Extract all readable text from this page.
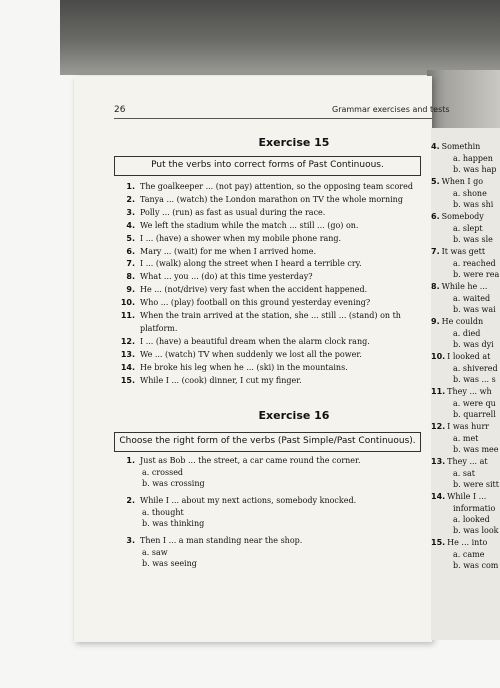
26	Grammar exercises and tests
Exercise 15
Put the verbs into correct forms of Past Continuous.
1. The goalkeeper ... (not pay) attention, so the opposing team scored
2. Tanya ... (watch) the London marathon on TV the whole morning
3. Polly ... (run) as fast as usual during the race.
4. We left the stadium while the match ... still ... (go) on.
5. I ... (have) a shower when my mobile phone rang.
6. Mary ... (wait) for me when I arrived home.
7. I ... (walk) along the street when I heard a terrible cry.
8. What ... you ... (do) at this time yesterday?
9. He ... (not/drive) very fast when the accident happened.
10. Who ... (play) football on this ground yesterday evening?
11. When the train arrived at the station, she ... still ... (stand) on th
platform.
12. I ... (have) a beautiful dream when the alarm clock rang.
13. We ... (watch) TV when suddenly we lost all the power.
14. He broke his leg when he ... (ski) in the mountains.
15. While I ... (cook) dinner, I cut my finger.
Exercise 16
Choose the right form of the verbs (Past Simple/Past Continuous).
1. Just as Bob ... the street, a car came round the corner.
a. crossed
b. was crossing
2. While I ... about my next actions, somebody knocked.
a. thought
b. was thinking
3. Then I ... a man standing near the shop.
a. saw
b. was seeing
4. Somethin
a. happen
b. was hap
5. When I go
a. shone
b. was shi
6. Somebody
a. slept
b. was sle
7. It was gett
a. reached
b. were rea
8. While he ...
a. waited
b. was wai
9. He couldn
a. died
b. was dyi
10. I looked at
a. shivered
b. was ... s
11. They ... wh
a. were qu
b. quarrell
12. I was hurr
a. met
b. was mee
13. They ... at
a. sat
b. were sitt
14. While I ...
informatio
a. looked
b. was look
15. He ... into
a. came
b. was com
